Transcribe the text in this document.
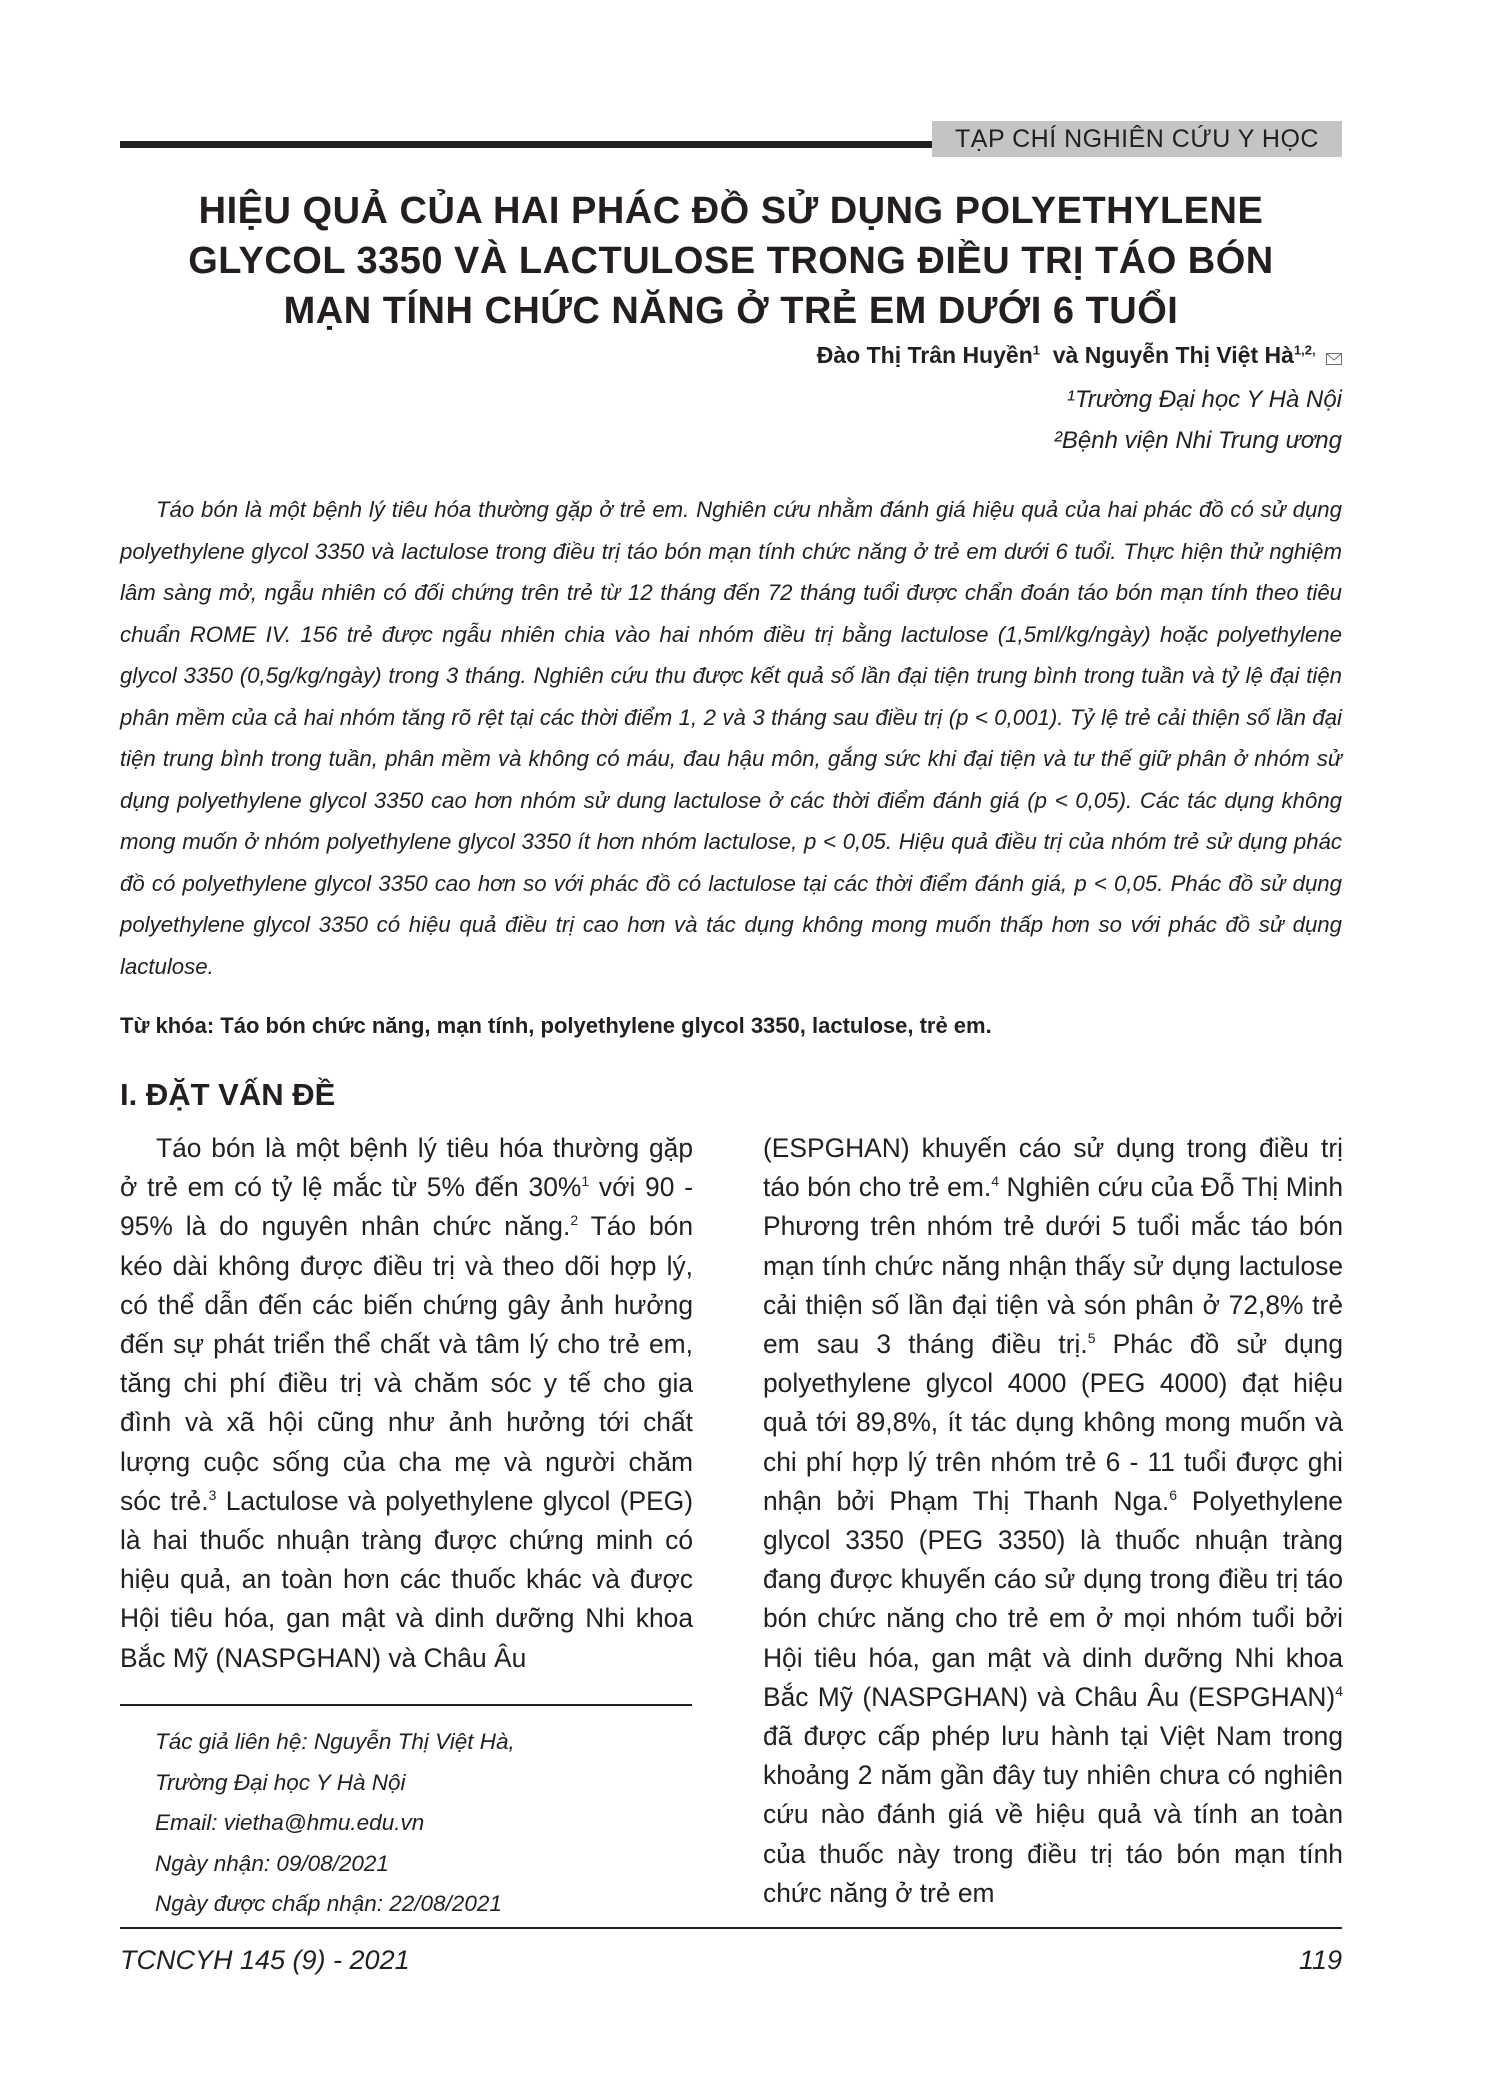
TẠP CHÍ NGHIÊN CỨU Y HỌC
HIỆU QUẢ CỦA HAI PHÁC ĐỒ SỬ DỤNG POLYETHYLENE
GLYCOL 3350 VÀ LACTULOSE TRONG ĐIỀU TRỊ TÁO BÓN
MẠN TÍNH CHỨC NĂNG Ở TRẺ EM DƯỚI 6 TUỔI
Đào Thị Trân Huyền$^1$ và Nguyễn Thị Việt $Hà^{1,2,}$
¹Trường Đại học Y Hà Nội
²Bệnh viện Nhi Trung ương

Táo bón là một bệnh lý tiêu hóa thường gặp ở trẻ em. Nghiên cứu nhằm đánh giá hiệu quả của hai phác đồ có sử dụng polyethylene glycol 3350 và lactulose trong điều trị táo bón mạn tính chức năng ở trẻ em dưới 6 tuổi. Thực hiện thử nghiệm lâm sàng mở, ngẫu nhiên có đối chứng trên trẻ từ 12 tháng đến 72 tháng tuổi được chẩn đoán táo bón mạn tính theo tiêu chuẩn ROME IV. 156 trẻ được ngẫu nhiên chia vào hai nhóm điều trị bằng lactulose (1,5ml/kg/ngày) hoặc polyethylene glycol 3350 (0,5g/kg/ngày) trong 3 tháng. Nghiên cứu thu được kết quả số lần đại tiện trung bình trong tuần và tỷ lệ đại tiện phân mềm của cả hai nhóm tăng rõ rệt tại các thời điểm 1, 2 và 3 tháng sau điều trị (p < 0,001). Tỷ lệ trẻ cải thiện số lần đại tiện trung bình trong tuần, phân mềm và không có máu, đau hậu môn, gắng sức khi đại tiện và tư thế giữ phân ở nhóm sử dụng polyethylene glycol 3350 cao hơn nhóm sử dung lactulose ở các thời điểm đánh giá (p < 0,05). Các tác dụng không mong muốn ở nhóm polyethylene glycol 3350 ít hơn nhóm lactulose, p < 0,05. Hiệu quả điều trị của nhóm trẻ sử dụng phác đồ có polyethylene glycol 3350 cao hơn so với phác đồ có lactulose tại các thời điểm đánh giá, p < 0,05. Phác đồ sử dụng polyethylene glycol 3350 có hiệu quả điều trị cao hơn và tác dụng không mong muốn thấp hơn so với phác đồ sử dụng lactulose.

Từ khóa: Táo bón chức năng, mạn tính, polyethylene glycol 3350, lactulose, trẻ em.
I. ĐẶT VẤN ĐỀ

Táo bón là một bệnh lý tiêu hóa thường gặp ở trẻ em có tỷ lệ mắc từ 5% đến 30%$^1$ với 90 - 95% là do nguyên nhân chức năng.$^2$ Táo bón kéo dài không được điều trị và theo dõi hợp lý, có thể dẫn đến các biến chứng gây ảnh hưởng đến sự phát triển thể chất và tâm lý cho trẻ em, tăng chi phí điều trị và chăm sóc y tế cho gia đình và xã hội cũng như ảnh hưởng tới chất lượng cuộc sống của cha mẹ và người chăm sóc trẻ.$^3$ Lactulose và polyethylene glycol (PEG) là hai thuốc nhuận tràng được chứng minh có hiệu quả, an toàn hơn các thuốc khác và được Hội tiêu hóa, gan mật và dinh dưỡng Nhi khoa Bắc Mỹ (NASPGHAN) và Châu Âu

(ESPGHAN) khuyến cáo sử dụng trong điều trị táo bón cho trẻ em.$^4$ Nghiên cứu của Đỗ Thị Minh Phương trên nhóm trẻ dưới 5 tuổi mắc táo bón mạn tính chức năng nhận thấy sử dụng lactulose cải thiện số lần đại tiện và són phân ở 72,8% trẻ em sau 3 tháng điều trị.$^5$ Phác đồ sử dụng polyethylene glycol 4000 (PEG 4000) đạt hiệu quả tới 89,8%, ít tác dụng không mong muốn và chi phí hợp lý trên nhóm trẻ 6 - 11 tuổi được ghi nhận bởi Phạm Thị Thanh Nga.$^6$ Polyethylene glycol 3350 (PEG 3350) là thuốc nhuận tràng đang được khuyến cáo sử dụng trong điều trị táo bón chức năng cho trẻ em ở mọi nhóm tuổi bởi Hội tiêu hóa, gan mật và dinh dưỡng Nhi khoa Bắc Mỹ (NASPGHAN) và Châu Âu (ESPGHAN)$^4$ đã được cấp phép lưu hành tại Việt Nam trong khoảng 2 năm gần đây tuy nhiên chưa có nghiên cứu nào đánh giá về hiệu quả và tính an toàn của thuốc này trong điều trị táo bón mạn tính chức năng ở trẻ em

Tác giả liên hệ: Nguyễn Thị Việt Hà,
Trường Đại học Y Hà Nội
Email: vietha@hmu.edu.vn
Ngày nhận: 09/08/2021
Ngày được chấp nhận: 22/08/2021
TCNCYH 145 (9) - 2021	119
